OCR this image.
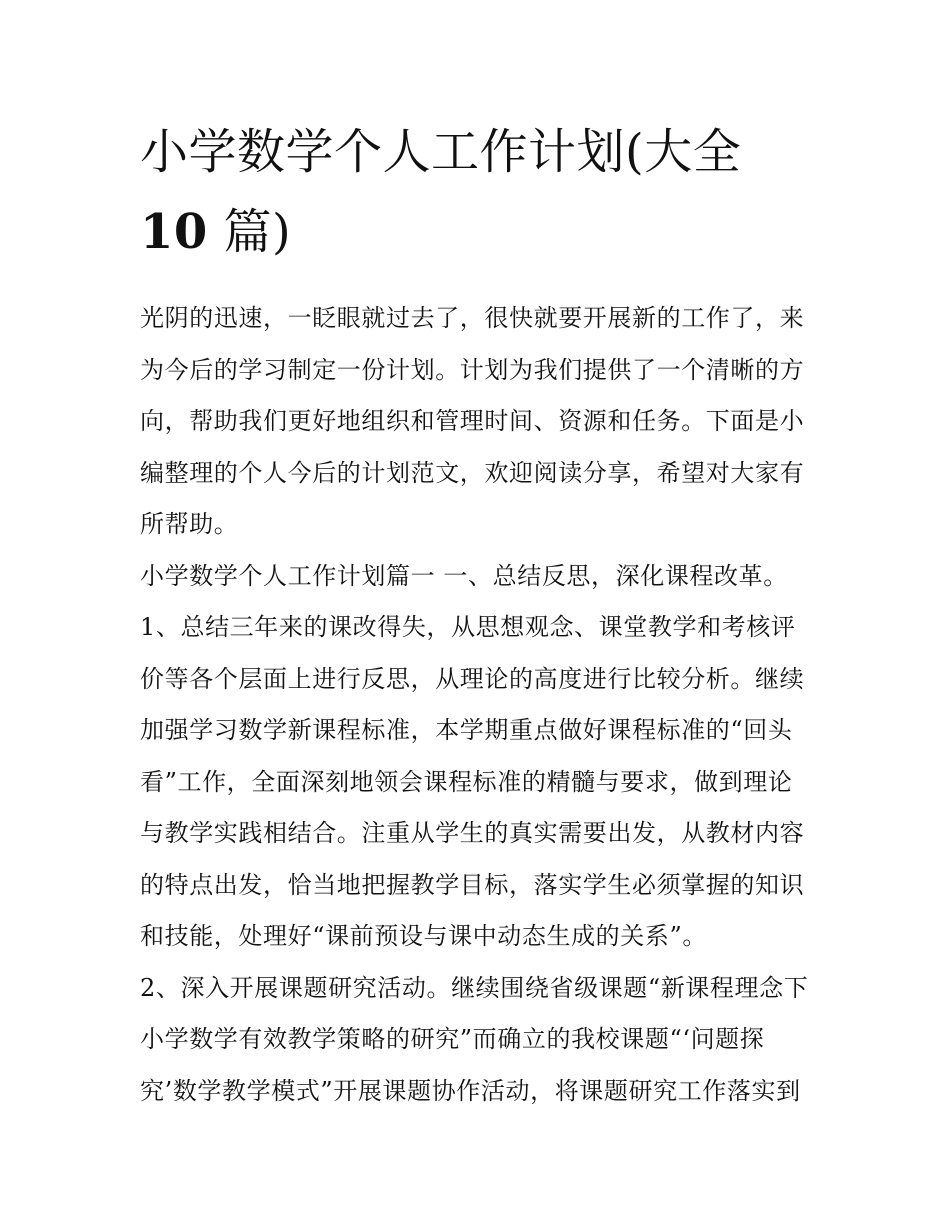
小学数学个人工作计划(大全
10 篇)

光阴的迅速，一眨眼就过去了，很快就要开展新的工作了，来

为今后的学习制定一份计划。计划为我们提供了一个清晰的方

向，帮助我们更好地组织和管理时间、资源和任务。下面是小

编整理的个人今后的计划范文，欢迎阅读分享，希望对大家有

所帮助。

小学数学个人工作计划篇一 一、总结反思，深化课程改革。

1、总结三年来的课改得失，从思想观念、课堂教学和考核评

价等各个层面上进行反思，从理论的高度进行比较分析。继续

加强学习数学新课程标准，本学期重点做好课程标准的“回头

看”工作，全面深刻地领会课程标准的精髓与要求，做到理论

与教学实践相结合。注重从学生的真实需要出发，从教材内容

的特点出发，恰当地把握教学目标，落实学生必须掌握的知识

和技能，处理好“课前预设与课中动态生成的关系”。

2、深入开展课题研究活动。继续围绕省级课题“新课程理念下

小学数学有效教学策略的研究”而确立的我校课题“‘问题探

究’数学教学模式”开展课题协作活动，将课题研究工作落实到
